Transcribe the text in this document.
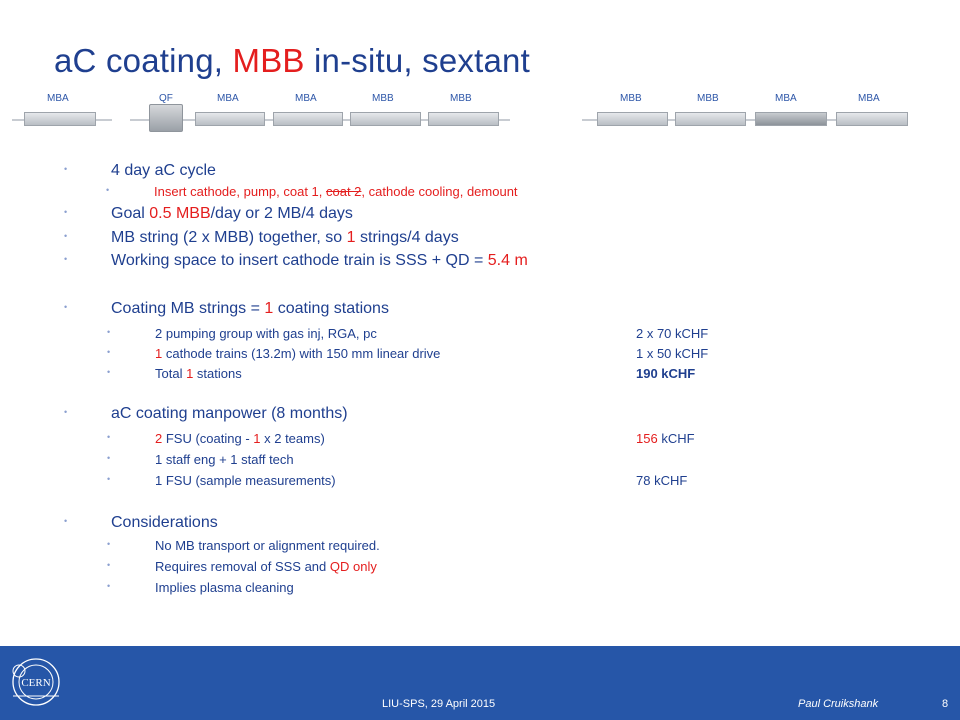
aC coating, MBB in-situ, sextant
MBA	QF	MBA	MBA	MBB	MBB	MBB	MBB	MBA	MBA
•	4 day aC cycle
•	Insert cathode, pump, coat 1, coat 2, cathode cooling, demount
•	Goal 0.5 MBB/day or 2 MB/4 days
•	MB string (2 x MBB) together, so 1 strings/4 days
•	Working space to insert cathode train is SSS + QD = 5.4 m
•	Coating MB strings = 1 coating stations
•	2 pumping group with gas inj, RGA, pc	2 x 70 kCHF
•	1 cathode trains (13.2m) with 150 mm linear drive	1 x 50 kCHF
•	Total 1 stations	190 kCHF
•	aC coating manpower (8 months)
•	2 FSU (coating - 1 x 2 teams)	156 kCHF
•	1 staff eng + 1 staff tech
•	1 FSU (sample measurements)	78 kCHF
•	Considerations
•	No MB transport or alignment required.
•	Requires removal of SSS and QD only
•	Implies plasma cleaning
CERN
LIU-SPS, 29 April 2015	Paul Cruikshank	8
